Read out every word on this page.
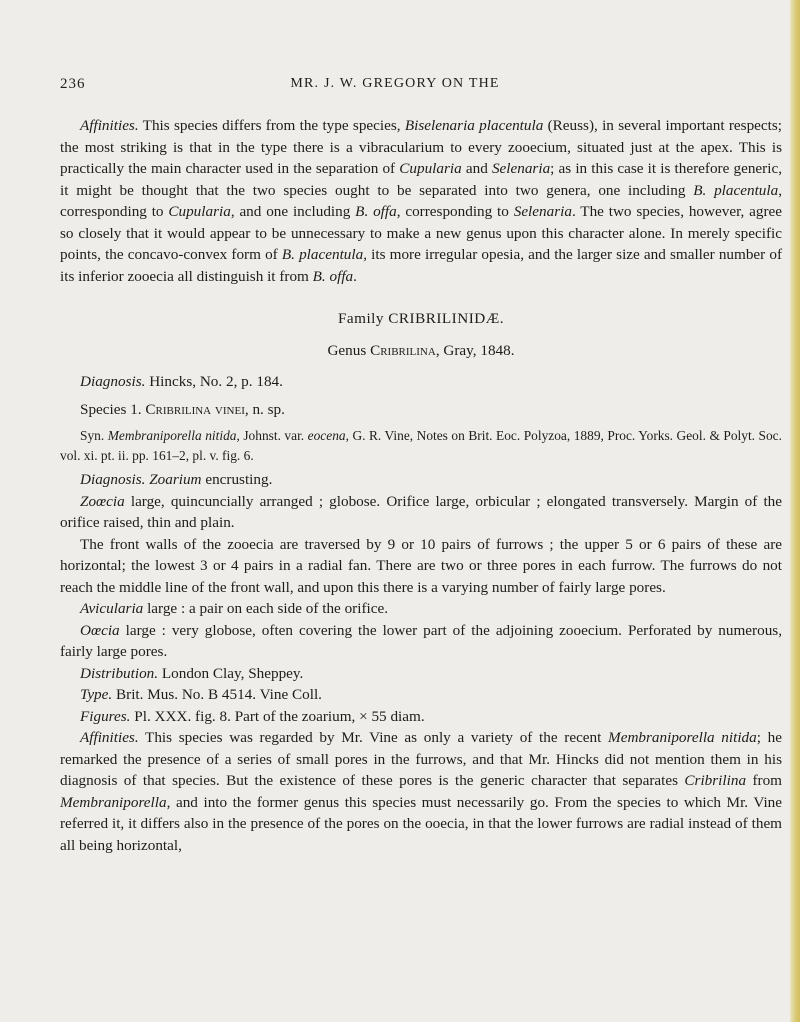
236	MR. J. W. GREGORY ON THE

Affinities. This species differs from the type species, Biselenaria placentula (Reuss), in several important respects; the most striking is that in the type there is a vibracularium to every zooecium, situated just at the apex. This is practically the main character used in the separation of Cupularia and Selenaria; as in this case it is therefore generic, it might be thought that the two species ought to be separated into two genera, one including B. placentula, corresponding to Cupularia, and one including B. offa, corresponding to Selenaria. The two species, however, agree so closely that it would appear to be unnecessary to make a new genus upon this character alone. In merely specific points, the concavo-convex form of B. placentula, its more irregular opesia, and the larger size and smaller number of its inferior zooecia all distinguish it from B. offa.

Family CRIBRILINIDÆ.

Genus Cribrilina, Gray, 1848.

Diagnosis. Hincks, No. 2, p. 184.

Species 1. Cribrilina vinei, n. sp.

Syn. Membraniporella nitida, Johnst. var. eocena, G. R. Vine, Notes on Brit. Eoc. Polyzoa, 1889, Proc. Yorks. Geol. & Polyt. Soc. vol. xi. pt. ii. pp. 161–2, pl. v. fig. 6.

Diagnosis. Zoarium encrusting.

Zoœcia large, quincuncially arranged ; globose. Orifice large, orbicular ; elongated transversely. Margin of the orifice raised, thin and plain.

The front walls of the zooecia are traversed by 9 or 10 pairs of furrows ; the upper 5 or 6 pairs of these are horizontal; the lowest 3 or 4 pairs in a radial fan. There are two or three pores in each furrow. The furrows do not reach the middle line of the front wall, and upon this there is a varying number of fairly large pores.

Avicularia large : a pair on each side of the orifice.

Oœcia large : very globose, often covering the lower part of the adjoining zooecium. Perforated by numerous, fairly large pores.

Distribution. London Clay, Sheppey.

Type. Brit. Mus. No. B 4514. Vine Coll.

Figures. Pl. XXX. fig. 8. Part of the zoarium, × 55 diam.

Affinities. This species was regarded by Mr. Vine as only a variety of the recent Membraniporella nitida; he remarked the presence of a series of small pores in the furrows, and that Mr. Hincks did not mention them in his diagnosis of that species. But the existence of these pores is the generic character that separates Cribrilina from Membraniporella, and into the former genus this species must necessarily go. From the species to which Mr. Vine referred it, it differs also in the presence of the pores on the ooecia, in that the lower furrows are radial instead of them all being horizontal,
